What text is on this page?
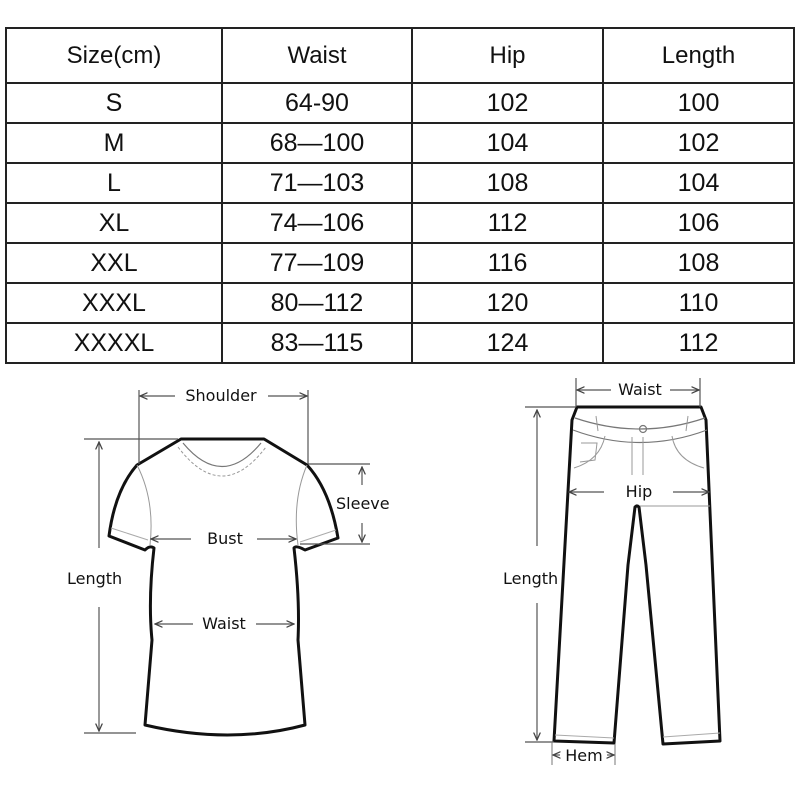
Size(cm)	Waist	Hip	Length
S	64-90	102	100
M	68—100	104	102
L	71—103	108	104
XL	74—106	112	106
XXL	77—109	116	108
XXXL	80—112	120	110
XXXXL	83—115	124	112
Shoulder
Sleeve
Bust
Length
Waist
Waist
Hip
Length
Hem
